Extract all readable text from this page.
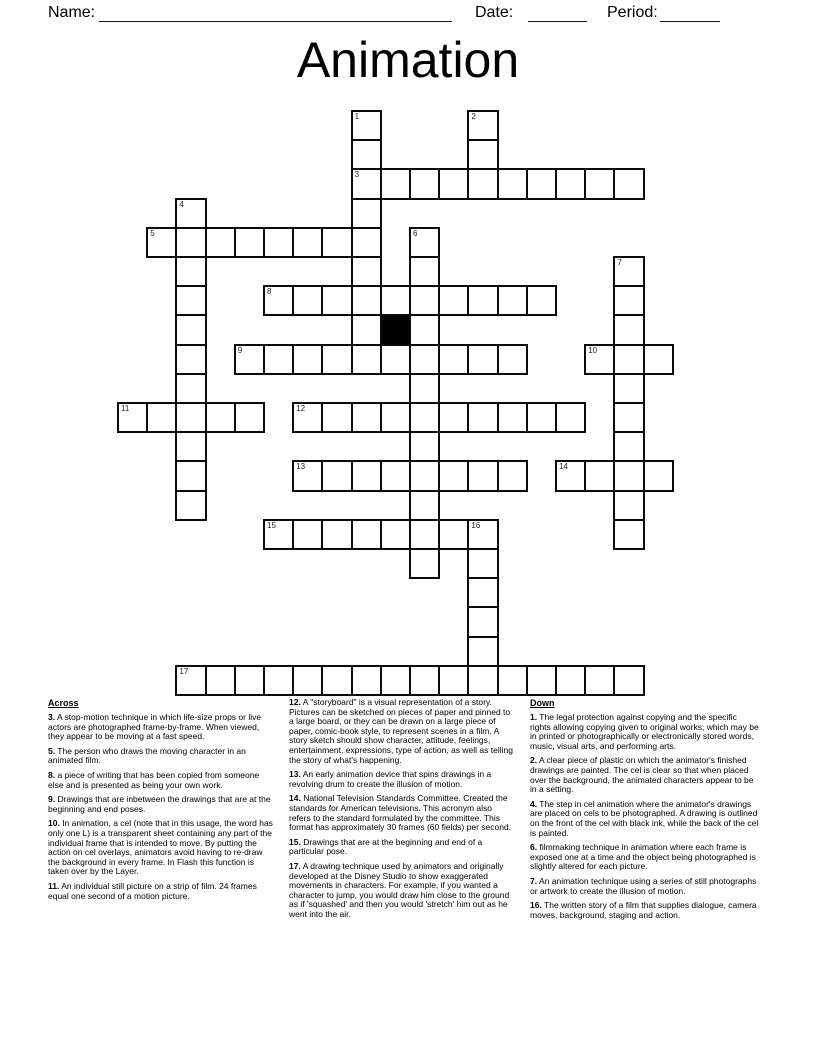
Name:	Date:	Period:
Animation
1
3
2
4
5	6
7
8
9	10
11	12
13	14
15	16
17

Across

3. A stop-motion technique in which life-size props or live actors are photographed frame-by-frame. When viewed, they appear to be moving at a fast speed.

5. The person who draws the moving character in an animated film.

8. a piece of writing that has been copied from someone else and is presented as being your own work.

9. Drawings that are inbetween the drawings that are at the beginning and end poses.

10. In animation, a cel (note that in this usage, the word has only one L) is a transparent sheet containing any part of the individual frame that is intended to move. By putting the action on cel overlays, animators avoid having to re-draw the background in every frame. In Flash this function is taken over by the Layer.

11. An individual still picture on a strip of film. 24 frames equal one second of a motion picture.

12. A "storyboard" is a visual representation of a story. Pictures can be sketched on pieces of paper and pinned to a large board, or they can be drawn on a large piece of paper, comic-book style, to represent scenes in a film. A story sketch should show character, attitude, feelings, entertainment, expressions, type of action, as well as telling the story of what's happening.

13. An early animation device that spins drawings in a revolving drum to create the illusion of motion.

14. National Television Standards Committee. Created the standards for American televisions. This acronym also refers to the standard formulated by the committee. This format has approximately 30 frames (60 fields) per second.

15. Drawings that are at the beginning and end of a particular pose.

17. A drawing technique used by animators and originally developed at the Disney Studio to show exaggerated movements in characters. For example, if you wanted a character to jump, you would draw him close to the ground as if 'squashed' and then you would 'stretch' him out as he went into the air.

Down

1. The legal protection against copying and the specific rights allowing copying given to original works, which may be in printed or photographically or electronically stored words, music, visual arts, and performing arts.

2. A clear piece of plastic on which the animator's finished drawings are painted. The cel is clear so that when placed over the background, the animated characters appear to be in a setting.

4. The step in cel animation where the animator's drawings are placed on cels to be photographed. A drawing is outlined on the front of the cel with black ink, while the back of the cel is painted.

6. filmmaking technique in animation where each frame is exposed one at a time and the object being photographed is slightly altered for each picture.

7. An animation technique using a series of still photographs or artwork to create the illusion of motion.

16. The written story of a film that supplies dialogue, camera moves, background, staging and action.
